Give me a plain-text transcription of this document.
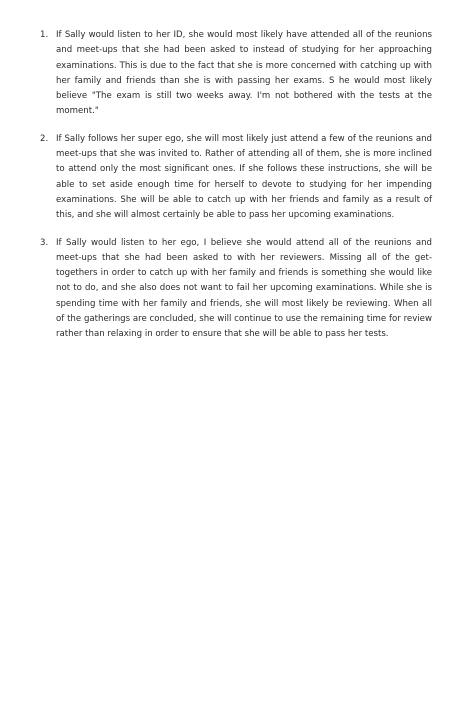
1. If Sally would listen to her ID, she would most likely have attended all of the reunions and meet-ups that she had been asked to instead of studying for her approaching examinations. This is due to the fact that she is more concerned with catching up with her family and friends than she is with passing her exams. S he would most likely believe "The exam is still two weeks away. I'm not bothered with the tests at the moment."

2. If Sally follows her super ego, she will most likely just attend a few of the reunions and meet-ups that she was invited to. Rather of attending all of them, she is more inclined to attend only the most significant ones. If she follows these instructions, she will be able to set aside enough time for herself to devote to studying for her impending examinations. She will be able to catch up with her friends and family as a result of this, and she will almost certainly be able to pass her upcoming examinations.

3. If Sally would listen to her ego, I believe she would attend all of the reunions and meet-ups that she had been asked to with her reviewers. Missing all of the get-togethers in order to catch up with her family and friends is something she would like not to do, and she also does not want to fail her upcoming examinations. While she is spending time with her family and friends, she will most likely be reviewing. When all of the gatherings are concluded, she will continue to use the remaining time for review rather than relaxing in order to ensure that she will be able to pass her tests.
